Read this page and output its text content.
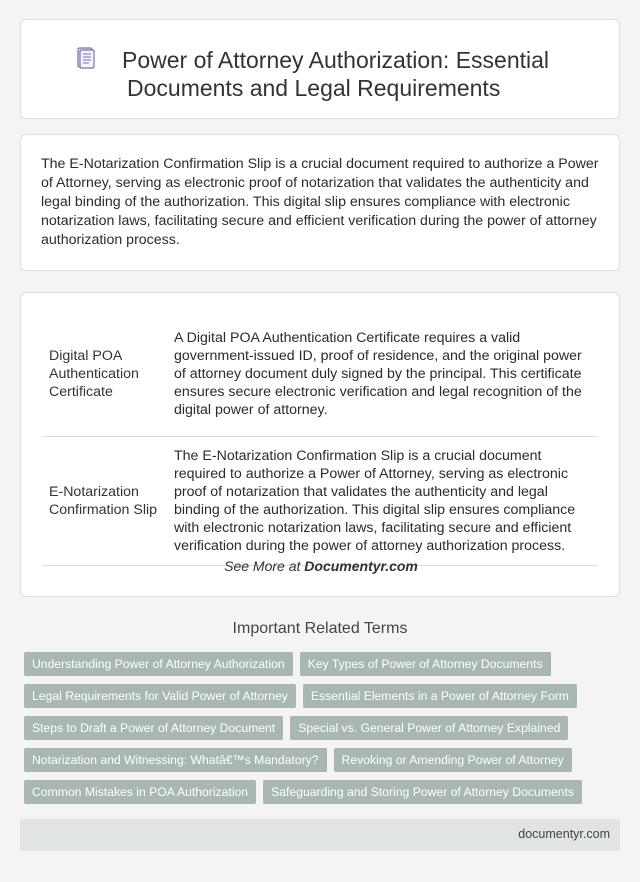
Power of Attorney Authorization: Essential
Documents and Legal Requirements

The E-Notarization Confirmation Slip is a crucial document required to authorize a Power of Attorney, serving as electronic proof of notarization that validates the authenticity and legal binding of the authorization. This digital slip ensures compliance with electronic notarization laws, facilitating secure and efficient verification during the power of attorney authorization process.

Digital POA Authentication Certificate	A Digital POA Authentication Certificate requires a valid government-issued ID, proof of residence, and the original power of attorney document duly signed by the principal. This certificate ensures secure electronic verification and legal recognition of the digital power of attorney.
E-Notarization Confirmation Slip	The E-Notarization Confirmation Slip is a crucial document required to authorize a Power of Attorney, serving as electronic proof of notarization that validates the authenticity and legal binding of the authorization. This digital slip ensures compliance with electronic notarization laws, facilitating secure and efficient verification during the power of attorney authorization process.
See More at Documentyr.com
Important Related Terms
Understanding Power of Attorney Authorization	Key Types of Power of Attorney Documents
Legal Requirements for Valid Power of Attorney	Essential Elements in a Power of Attorney Form
Steps to Draft a Power of Attorney Document	Special vs. General Power of Attorney Explained
Notarization and Witnessing: Whatâ€™s Mandatory?	Revoking or Amending Power of Attorney
Common Mistakes in POA Authorization	Safeguarding and Storing Power of Attorney Documents
documentyr.com
